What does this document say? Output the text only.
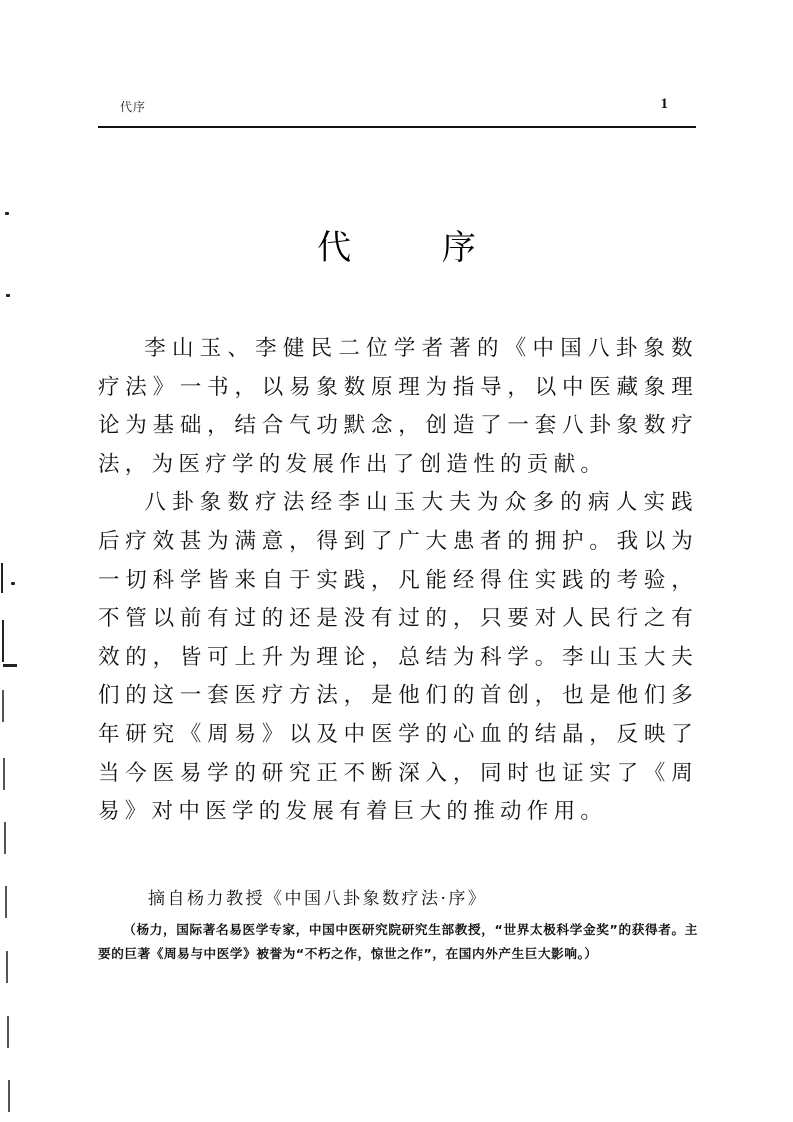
代序	1
代 序

李山玉、李健民二位学者著的《中国八卦象数疗法》一书，以易象数原理为指导，以中医藏象理论为基础，结合气功默念，创造了一套八卦象数疗法，为医疗学的发展作出了创造性的贡献。

八卦象数疗法经李山玉大夫为众多的病人实践后疗效甚为满意，得到了广大患者的拥护。我以为一切科学皆来自于实践，凡能经得住实践的考验，不管以前有过的还是没有过的，只要对人民行之有效的，皆可上升为理论，总结为科学。李山玉大夫们的这一套医疗方法，是他们的首创，也是他们多年研究《周易》以及中医学的心血的结晶，反映了当今医易学的研究正不断深入，同时也证实了《周易》对中医学的发展有着巨大的推动作用。

摘自杨力教授《中国八卦象数疗法·序》
（杨力，国际著名易医学专家，中国中医研究院研究生部教授，“世界太极科学金奖”的获得者。主要的巨著《周易与中医学》被誉为“不朽之作，惊世之作”，在国内外产生巨大影响。）
